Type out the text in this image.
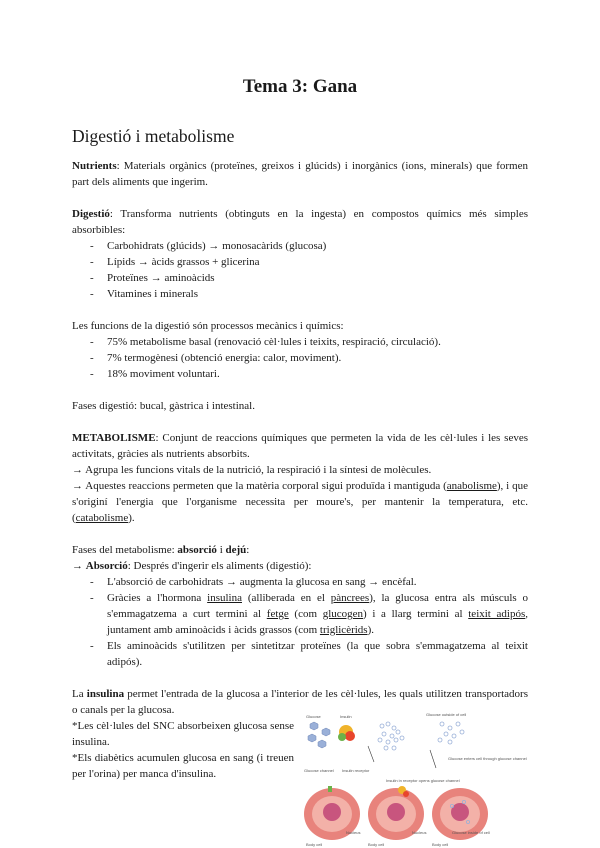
Tema 3: Gana
Digestió i metabolisme

Nutrients: Materials orgànics (proteïnes, greixos i glúcids) i inorgànics (ions, minerals) que formen part dels aliments que ingerim.

Digestió: Transforma nutrients (obtinguts en la ingesta) en compostos químics més simples absorbibles:

- Carbohidrats (glúcids) → monosacàrids (glucosa)
- Lípids → àcids grassos + glicerina
- Proteïnes → aminoàcids
- Vitamines i minerals

Les funcions de la digestió són processos mecànics i químics:

- 75% metabolisme basal (renovació cèl·lules i teixits, respiració, circulació).
- 7% termogènesi (obtenció energia: calor, moviment).
- 18% moviment voluntari.

Fases digestió: bucal, gàstrica i intestinal.

METABOLISME: Conjunt de reaccions químiques que permeten la vida de les cèl·lules i les seves activitats, gràcies als nutrients absorbits.

→ Agrupa les funcions vitals de la nutrició, la respiració i la síntesi de molècules.

→ Aquestes reaccions permeten que la matèria corporal sigui produïda i mantiguda (anabolisme), i que s'originí l'energia que l'organisme necessita per moure's, per mantenir la temperatura, etc. (catabolisme).

Fases del metabolisme: absorció i dejú:

→ Absorció: Després d'ingerir els aliments (digestió):

- L'absorció de carbohidrats → augmenta la glucosa en sang → encèfal.
- Gràcies a l'hormona insulina (alliberada en el pàncrees), la glucosa entra als músculs o s'emmagatzema a curt termini al fetge (com glucogen) i a llarg termini al teixit adipós, juntament amb aminoàcids i àcids grassos (com triglicèrids).
- Els aminoàcids s'utilitzen per sintetitzar proteïnes (la que sobra s'emmagatzema al teixit adipós).

La insulina permet l'entrada de la glucosa a l'interior de les cèl·lules, les quals utilitzen transportadors o canals per la glucosa.

*Les cèl·lules del SNC absorbeixen glucosa sense insulina.

*Els diabètics acumulen glucosa en sang (i treuen per l'orina) per manca d'insulina.

Glucose	Insulin	Glucose outside of cell
Glucose channel Insulin receptor
Insulin in receptor opens glucose channel
Glucose enters cell through glucose channel
Body cell
Nucleus
Body cell
Nucleus
Body cell
Glucose inside of cell
